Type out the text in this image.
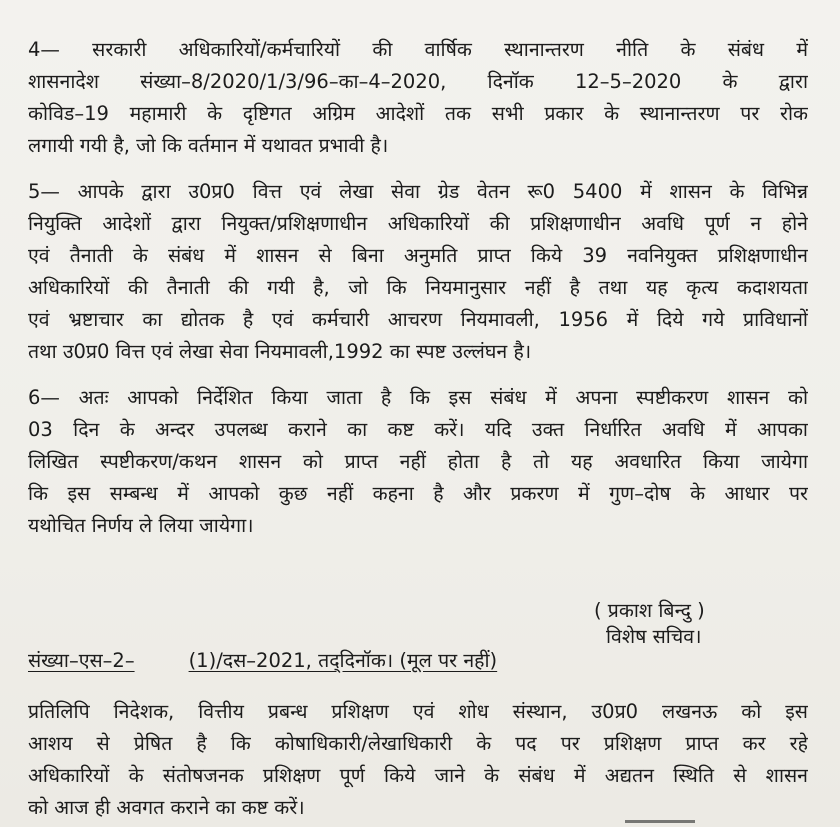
4— सरकारी अधिकारियों/कर्मचारियों की वार्षिक स्थानान्तरण नीति के संबंध में
शासनादेश संख्या–8/2020/1/3/96–का–4–2020, दिनॉक 12–5–2020 के द्वारा
कोविड–19 महामारी के दृष्टिगत अग्रिम आदेशों तक सभी प्रकार के स्थानान्तरण पर रोक
लगायी गयी है, जो कि वर्तमान में यथावत प्रभावी है।
5— आपके द्वारा उ0प्र0 वित्त एवं लेखा सेवा ग्रेड वेतन रू0 5400 में शासन के विभिन्न
नियुक्ति आदेशों द्वारा नियुक्त/प्रशिक्षणाधीन अधिकारियों की प्रशिक्षणाधीन अवधि पूर्ण न होने
एवं तैनाती के संबंध में शासन से बिना अनुमति प्राप्त किये 39 नवनियुक्त प्रशिक्षणाधीन
अधिकारियों की तैनाती की गयी है, जो कि नियमानुसार नहीं है तथा यह कृत्य कदाशयता
एवं भ्रष्टाचार का द्योतक है एवं कर्मचारी आचरण नियमावली, 1956 में दिये गये प्राविधानों
तथा उ0प्र0 वित्त एवं लेखा सेवा नियमावली,1992 का स्पष्ट उल्लंघन है।
6— अतः आपको निर्देशित किया जाता है कि इस संबंध में अपना स्पष्टीकरण शासन को
03 दिन के अन्दर उपलब्ध कराने का कष्ट करें। यदि उक्त निर्धारित अवधि में आपका
लिखित स्पष्टीकरण/कथन शासन को प्राप्त नहीं होता है तो यह अवधारित किया जायेगा
कि इस सम्बन्ध में आपको कुछ नहीं कहना है और प्रकरण में गुण–दोष के आधार पर
यथोचित निर्णय ले लिया जायेगा।
( प्रकाश बिन्दु )
विशेष सचिव।
संख्या–एस–2–	(1)/दस–2021, तद्‌दिनॉक। (मूल पर नहीं)
प्रतिलिपि निदेशक, वित्तीय प्रबन्ध प्रशिक्षण एवं शोध संस्थान, उ0प्र0 लखनऊ को इस
आशय से प्रेषित है कि कोषाधिकारी/लेखाधिकारी के पद पर प्रशिक्षण प्राप्त कर रहे
अधिकारियों के संतोषजनक प्रशिक्षण पूर्ण किये जाने के संबंध में अद्यतन स्थिति से शासन
को आज ही अवगत कराने का कष्ट करें।
